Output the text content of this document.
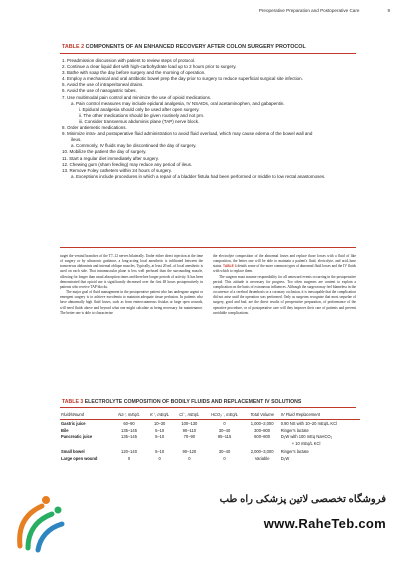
Preoperative Preparation and Postoperative Care	9
TABLE 2 COMPONENTS OF AN ENHANCED RECOVERY AFTER COLON SURGERY PROTOCOL
1. Preadmission discussion with patient to review steps of protocol.
2. Continue a clear liquid diet with high-carbohydrate load up to 2 hours prior to surgery.
3. Bathe with soap the day before surgery and the morning of operation.
4. Employ a mechanical and oral antibiotic bowel prep the day prior to surgery to reduce superficial surgical site infection.
5. Avoid the use of intraperitoneal drains.
6. Avoid the use of nasogastric tubes.
7. Use multimodal pain control and minimize the use of opioid medications.
a. Pain control measures may include epidural analgesia, IV NSAIDs, oral acetaminophen, and gabapentin.
i. Epidural analgesia should only be used after open surgery.
ii. The other medications should be given routinely and not prn.
iii. Consider transversus abdominis plane (TAP) nerve block.
8. Order antiemetic medications.
9. Minimize intra- and postoperative fluid administration to avoid fluid overload, which may cause edema of the bowel wall and
ileus.
a. Commonly, IV fluids may be discontinued the day of surgery.
10. Mobilize the patient the day of surgery.
11. Start a regular diet immediately after surgery.
12. Chewing gum (sham feeding) may reduce any period of ileus.
13. Remove Foley catheters within 24 hours of surgery.
a. Exceptions include procedures in which a repair of a bladder fistula had been performed or middle to low rectal anastomoses.

target the ventral branches of the T7–12 nerves bilaterally. Under either direct injection at the time of surgery or by ultrasonic guidance, a long-acting local anesthetic is infiltrated between the transversus abdominis and internal oblique muscles. Typically, at least 20 mL of local anesthetic is used on each side. That intramuscular plane is less well perfused than the surrounding muscle, allowing for longer than usual absorption times and therefore longer periods of activity. It has been demonstrated that opioid use is significantly decreased over the first 48 hours postoperatively in patients who receive TAP blocks.

The major goal of fluid management in the postoperative patient who has undergone urgent or emergent surgery is to achieve euvolemia to maintain adequate tissue perfusion. In patients who have abnormally high fluid losses, such as from enterocutaneous fistulas or large open wounds, will need fluids above and beyond what one might calculate as being necessary for maintenance. The better one is able to characterize

the electrolyte composition of the abnormal losses and replace those losses with a fluid of like composition, the better one will be able to maintain a patient's fluid, electrolyte, and acid–base status. TABLE 3 details some of the more common types of abnormal fluid losses and the IV fluids with which to replace them.

The surgeon must assume responsibility for all untoward events occurring in the postoperative period. This attitude is necessary for progress. Too often surgeons are content to explain a complication on the basis of extraneous influences. Although the surgeon may feel blameless in the occurrence of a cerebral thrombosis or a coronary occlusion, it is inescapable that the complication did not arise until the operation was performed. Only as surgeons recognize that most sequelae of surgery, good and bad, are the direct results of preoperative preparation, of performance of the operative procedure, or of postoperative care will they improve their care of patients and prevent avoidable complications.

TABLE 3 ELECTROLYTE COMPOSITION OF BODILY FLUIDS AND REPLACEMENT IV SOLUTIONS
Fluid/Wound	Na⁺, mEq/L	K⁺, mEq/L	Cl⁻, mEq/L	HCO₃⁻, mEq/L	Total Volume	IV Fluid Replacement
Gastric juice	60–90	10–30	100–130	0	1,000–2,000	0.90 NS with 10–20 mEq/L KCl
Bile	135–145	5–10	90–110	30–40	300–800	Ringer's lactate
Pancreatic juice	135–145	5–10	70–90	95–115	600–800	D₅W with 100 mEq NaHCO₂
						+ 10 mEq/L KCl
Small bowel	120–140	5–10	90–120	30–40	2,000–3,000	Ringer's lactate
Large open wound	0	0	0	0	Variable	D₅W
فروشگاه تخصصی لاتین پزشکی راه طب
www.RaheTeb.com
